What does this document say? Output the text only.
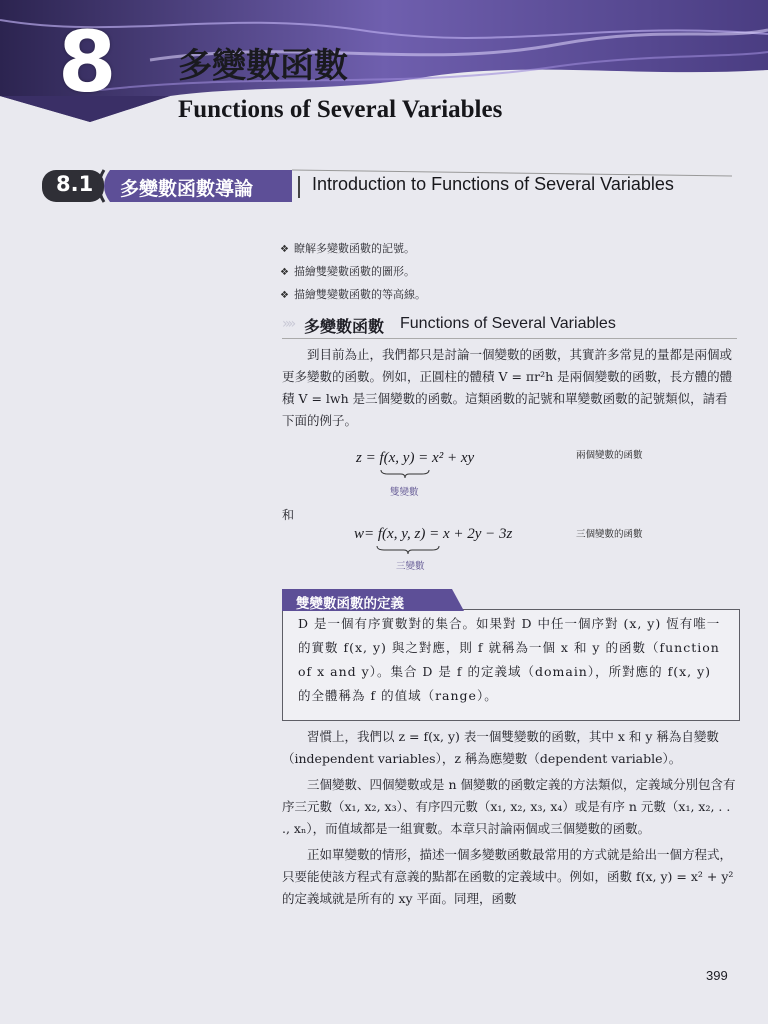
8 多變數函數
Functions of Several Variables
8.1 多變數函數導論	Introduction to Functions of Several Variables
❖ 瞭解多變數函數的記號。
❖ 描繪雙變數函數的圖形。
❖ 描繪雙變數函數的等高線。
»» 多變數函數 Functions of Several Variables

到目前為止，我們都只是討論一個變數的函數，其實許多常見的量都是兩個或更多變數的函數。例如，正圓柱的體積 V = πr²h 是兩個變數的函數，長方體的體積 V = lwh 是三個變數的函數。這類函數的記號和單變數函數的記號類似，請看下面的例子。

z = f(x, y) = x² + xy
雙變數
兩個變數的函數
和
w= f(x, y, z) = x + 2y − 3z
三變數
三個變數的函數
雙變數函數的定義
D 是一個有序實數對的集合。如果對 D 中任一個序對 (x, y) 恆有唯一的實數 f(x, y) 與之對應，則 f 就稱為一個 x 和 y 的函數（function of x and y）。集合 D 是 f 的定義域（domain），所對應的 f(x, y) 的全體稱為 f 的值域（range）。

習慣上，我們以 z = f(x, y) 表一個雙變數的函數，其中 x 和 y 稱為自變數（independent variables），z 稱為應變數（dependent variable）。

三個變數、四個變數或是 n 個變數的函數定義的方法類似，定義域分別包含有序三元數（x₁, x₂, x₃）、有序四元數（x₁, x₂, x₃, x₄）或是有序 n 元數（x₁, x₂, . . ., xₙ），而值域都是一組實數。本章只討論兩個或三個變數的函數。

正如單變數的情形，描述一個多變數函數最常用的方式就是給出一個方程式，只要能使該方程式有意義的點都在函數的定義域中。例如，函數 f(x, y) = x² + y² 的定義域就是所有的 xy 平面。同理，函數

399
